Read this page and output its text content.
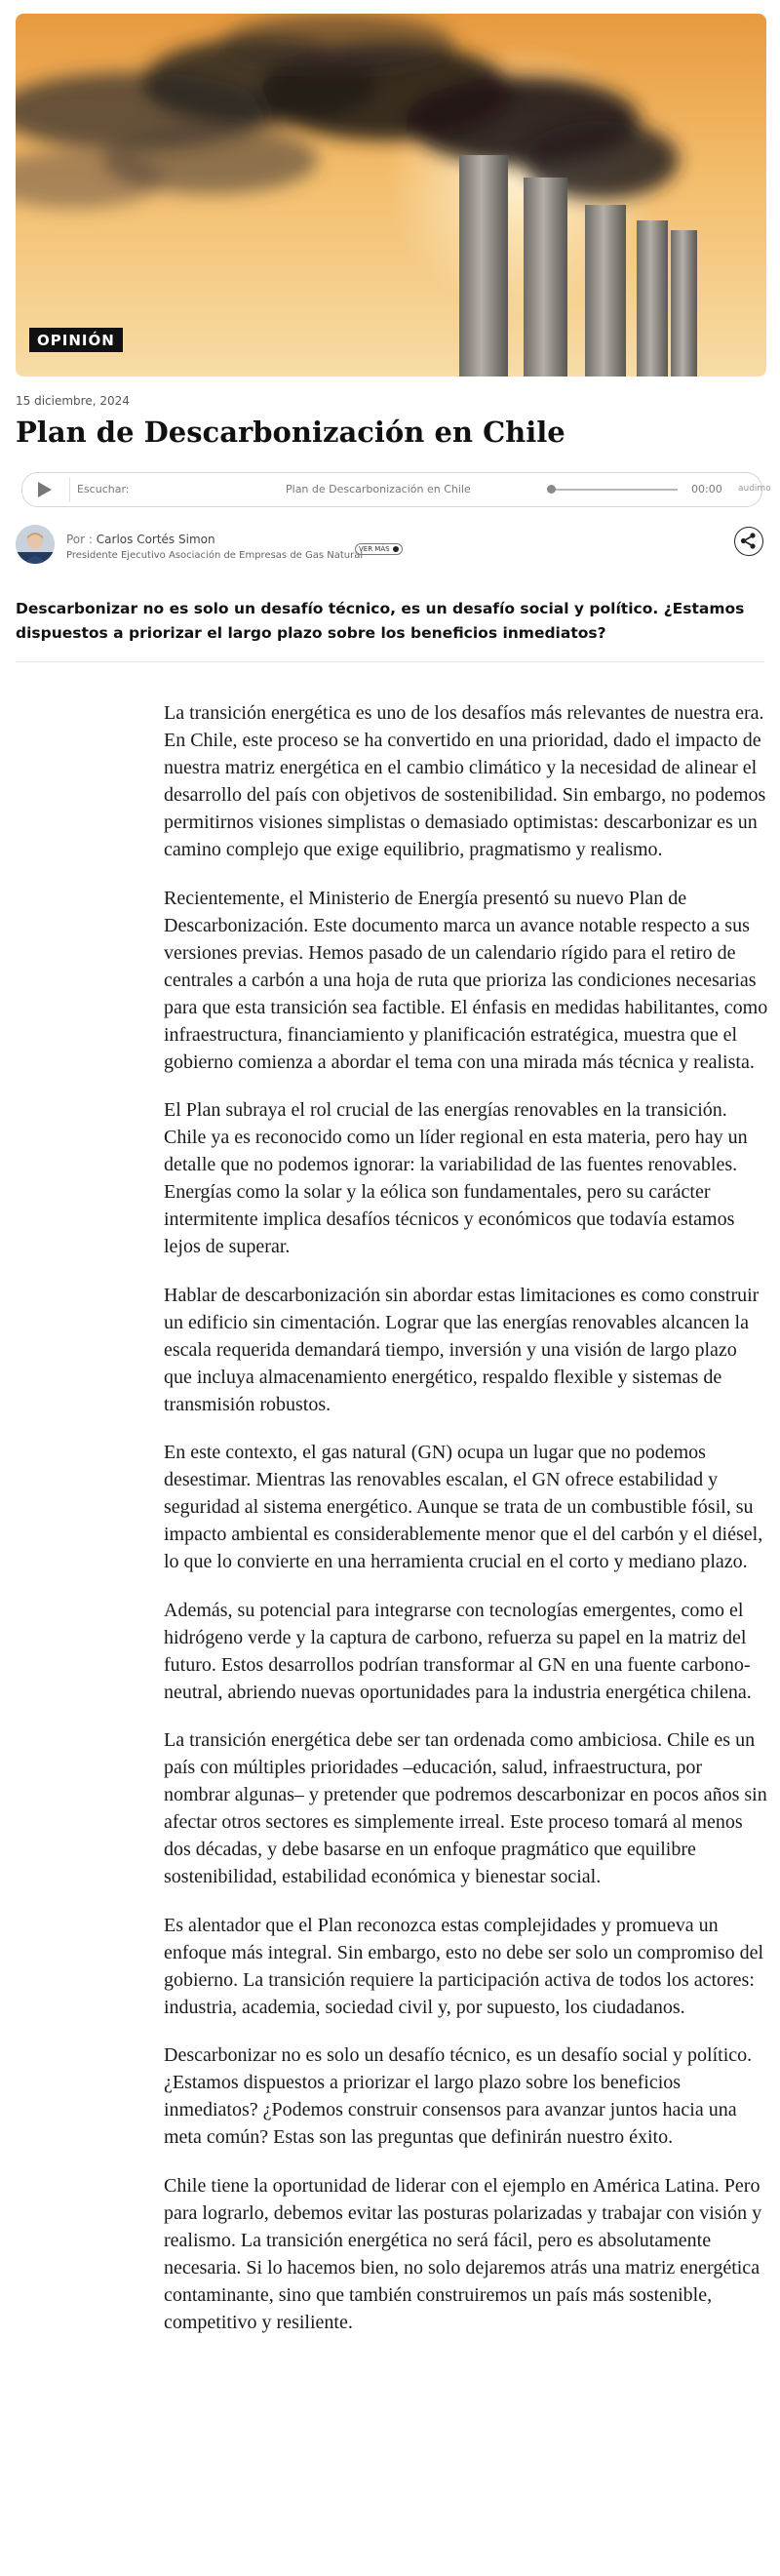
OPINIÓN
15 diciembre, 2024
Plan de Descarbonización en Chile
Escuchar:	Plan de Descarbonización en Chile	00:00 audimo
Por : Carlos Cortés Simon
Presidente Ejecutivo Asociación de Empresas de Gas Natural
VER MÁS

Descarbonizar no es solo un desafío técnico, es un desafío social y político. ¿Estamos dispuestos a priorizar el largo plazo sobre los beneficios inmediatos?

La transición energética es uno de los desafíos más relevantes de nuestra era. En Chile, este proceso se ha convertido en una prioridad, dado el impacto de nuestra matriz energética en el cambio climático y la necesidad de alinear el desarrollo del país con objetivos de sostenibilidad. Sin embargo, no podemos permitirnos visiones simplistas o demasiado optimistas: descarbonizar es un camino complejo que exige equilibrio, pragmatismo y realismo.

Recientemente, el Ministerio de Energía presentó su nuevo Plan de Descarbonización. Este documento marca un avance notable respecto a sus versiones previas. Hemos pasado de un calendario rígido para el retiro de centrales a carbón a una hoja de ruta que prioriza las condiciones necesarias para que esta transición sea factible. El énfasis en medidas habilitantes, como infraestructura, financiamiento y planificación estratégica, muestra que el gobierno comienza a abordar el tema con una mirada más técnica y realista.

El Plan subraya el rol crucial de las energías renovables en la transición. Chile ya es reconocido como un líder regional en esta materia, pero hay un detalle que no podemos ignorar: la variabilidad de las fuentes renovables. Energías como la solar y la eólica son fundamentales, pero su carácter intermitente implica desafíos técnicos y económicos que todavía estamos lejos de superar.

Hablar de descarbonización sin abordar estas limitaciones es como construir un edificio sin cimentación. Lograr que las energías renovables alcancen la escala requerida demandará tiempo, inversión y una visión de largo plazo que incluya almacenamiento energético, respaldo flexible y sistemas de transmisión robustos.

En este contexto, el gas natural (GN) ocupa un lugar que no podemos desestimar. Mientras las renovables escalan, el GN ofrece estabilidad y seguridad al sistema energético. Aunque se trata de un combustible fósil, su impacto ambiental es considerablemente menor que el del carbón y el diésel, lo que lo convierte en una herramienta crucial en el corto y mediano plazo.

Además, su potencial para integrarse con tecnologías emergentes, como el hidrógeno verde y la captura de carbono, refuerza su papel en la matriz del futuro. Estos desarrollos podrían transformar al GN en una fuente carbono-neutral, abriendo nuevas oportunidades para la industria energética chilena.

La transición energética debe ser tan ordenada como ambiciosa. Chile es un país con múltiples prioridades –educación, salud, infraestructura, por nombrar algunas– y pretender que podremos descarbonizar en pocos años sin afectar otros sectores es simplemente irreal. Este proceso tomará al menos dos décadas, y debe basarse en un enfoque pragmático que equilibre sostenibilidad, estabilidad económica y bienestar social.

Es alentador que el Plan reconozca estas complejidades y promueva un enfoque más integral. Sin embargo, esto no debe ser solo un compromiso del gobierno. La transición requiere la participación activa de todos los actores: industria, academia, sociedad civil y, por supuesto, los ciudadanos.

Descarbonizar no es solo un desafío técnico, es un desafío social y político. ¿Estamos dispuestos a priorizar el largo plazo sobre los beneficios inmediatos? ¿Podemos construir consensos para avanzar juntos hacia una meta común? Estas son las preguntas que definirán nuestro éxito.

Chile tiene la oportunidad de liderar con el ejemplo en América Latina. Pero para lograrlo, debemos evitar las posturas polarizadas y trabajar con visión y realismo. La transición energética no será fácil, pero es absolutamente necesaria. Si lo hacemos bien, no solo dejaremos atrás una matriz energética contaminante, sino que también construiremos un país más sostenible, competitivo y resiliente.
